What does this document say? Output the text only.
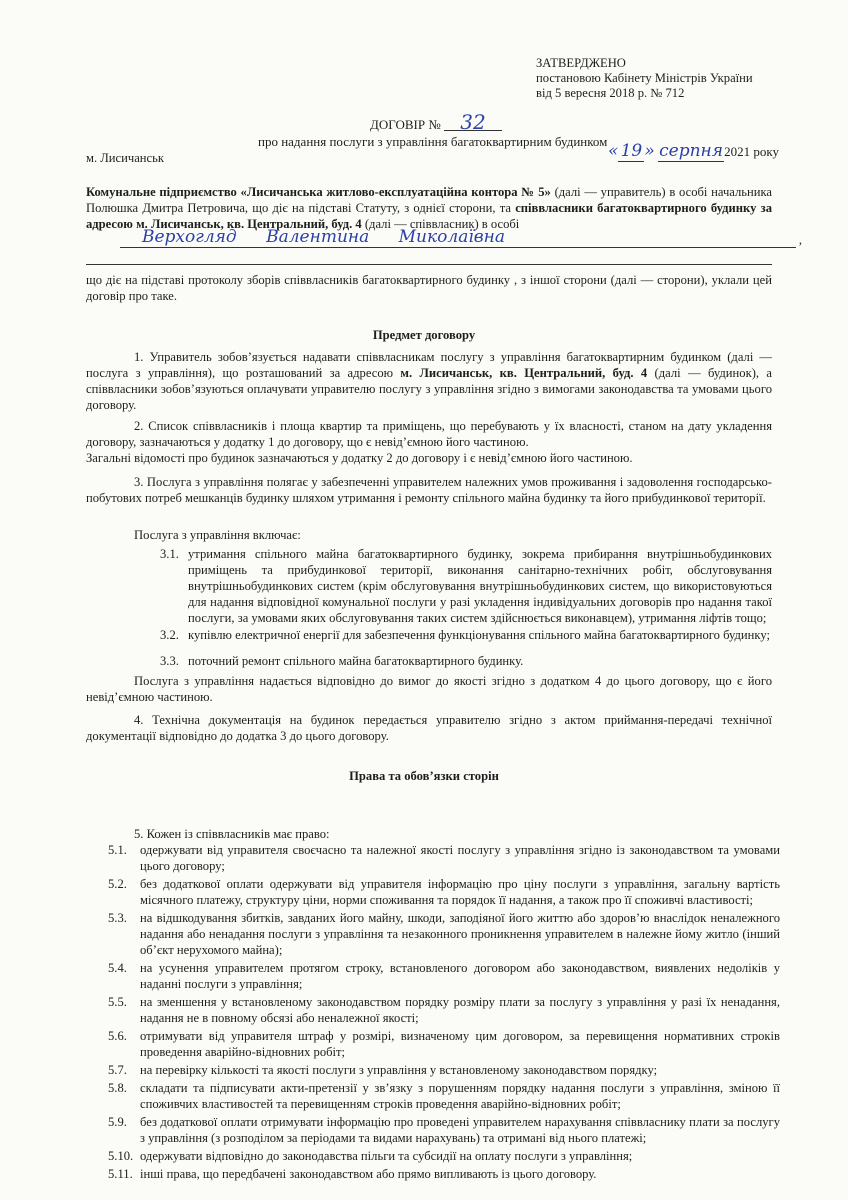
ЗАТВЕРДЖЕНО
постановою Кабінету Міністрів України
від 5 вересня 2018 р. № 712
ДОГОВІР № 32
про надання послуги з управління багатоквартирним будинком
м. Лисичанськ	« 19 » серпня2021 року
Комунальне підприємство «Лисичанська житлово-експлуатаційна контора № 5» (далі — управитель) в особі начальника Полюшка Дмитра Петровича, що діє на підставі Статуту, з однієї сторони, та співвласники багатоквартирного будинку за адресою м. Лисичанськ, кв. Центральний, буд. 4 (далі — співвласник) в особі
Верхогляд Валентина Миколаївна	,
що діє на підставі протоколу зборів співвласників багатоквартирного будинку , з іншої сторони (далі — сторони), уклали цей договір про таке.
Предмет договору
1. Управитель зобов’язується надавати співвласникам послугу з управління багатоквартирним будинком (далі — послуга з управління), що розташований за адресою м. Лисичанськ, кв. Центральний, буд. 4 (далі — будинок), а співвласники зобов’язуються оплачувати управителю послугу з управління згідно з вимогами законодавства та умовами цього договору.
2. Список співвласників і площа квартир та приміщень, що перебувають у їх власності, станом на дату укладення договору, зазначаються у додатку 1 до договору, що є невід’ємною його частиною.
Загальні відомості про будинок зазначаються у додатку 2 до договору і є невід’ємною його частиною.
3. Послуга з управління полягає у забезпеченні управителем належних умов проживання і задоволення господарсько-побутових потреб мешканців будинку шляхом утримання і ремонту спільного майна будинку та його прибудинкової території.
Послуга з управління включає:
3.1. утримання спільного майна багатоквартирного будинку, зокрема прибирання внутрішньобудинкових приміщень та прибудинкової території, виконання санітарно-технічних робіт, обслуговування внутрішньобудинкових систем (крім обслуговування внутрішньобудинкових систем, що використовуються для надання відповідної комунальної послуги у разі укладення індивідуальних договорів про надання такої послуги, за умовами яких обслуговування таких систем здійснюється виконавцем), утримання ліфтів тощо;
3.2. купівлю електричної енергії для забезпечення функціонування спільного майна багатоквартирного будинку;
3.3. поточний ремонт спільного майна багатоквартирного будинку.
Послуга з управління надається відповідно до вимог до якості згідно з додатком 4 до цього договору, що є його невід’ємною частиною.
4. Технічна документація на будинок передається управителю згідно з актом приймання-передачі технічної документації відповідно до додатка 3 до цього договору.
Права та обов’язки сторін
5. Кожен із співвласників має право:
5.1.	одержувати від управителя своєчасно та належної якості послугу з управління згідно із законодавством та умовами цього договору;
5.2.	без додаткової оплати одержувати від управителя інформацію про ціну послуги з управління, загальну вартість місячного платежу, структуру ціни, норми споживання та порядок її надання, а також про її споживчі властивості;
5.3.	на відшкодування збитків, завданих його майну, шкоди, заподіяної його життю або здоров’ю внаслідок неналежного надання або ненадання послуги з управління та незаконного проникнення управителем в належне йому житло (інший об’єкт нерухомого майна);
5.4.	на усунення управителем протягом строку, встановленого договором або законодавством, виявлених недоліків у наданні послуги з управління;
5.5.	на зменшення у встановленому законодавством порядку розміру плати за послугу з управління у разі їх ненадання, надання не в повному обсязі або неналежної якості;
5.6.	отримувати від управителя штраф у розмірі, визначеному цим договором, за перевищення нормативних строків проведення аварійно-відновних робіт;
5.7.	на перевірку кількості та якості послуги з управління у встановленому законодавством порядку;
5.8.	складати та підписувати акти-претензії у зв’язку з порушенням порядку надання послуги з управління, зміною її споживчих властивостей та перевищенням строків проведення аварійно-відновних робіт;
5.9.	без додаткової оплати отримувати інформацію про проведені управителем нарахування співвласнику плати за послугу з управління (з розподілом за періодами та видами нарахувань) та отримані від нього платежі;
5.10. одержувати відповідно до законодавства пільги та субсидії на оплату послуги з управління;
5.11. інші права, що передбачені законодавством або прямо випливають із цього договору.
